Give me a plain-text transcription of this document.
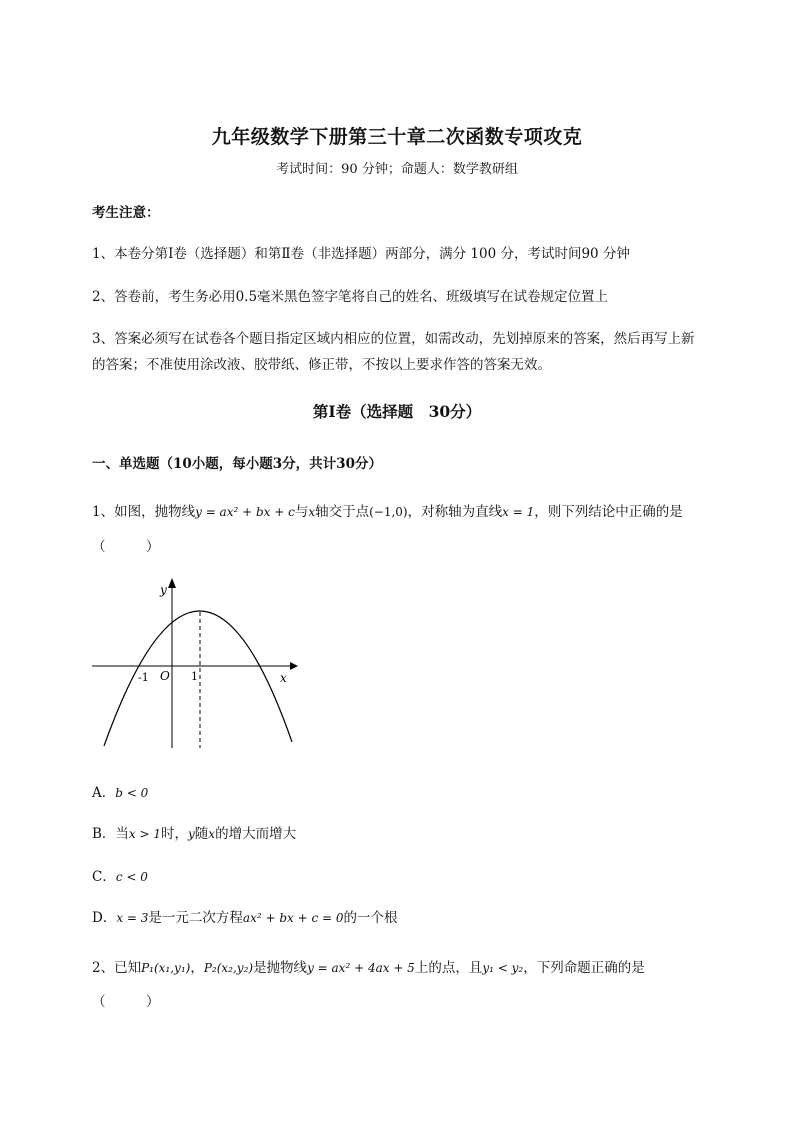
九年级数学下册第三十章二次函数专项攻克
考试时间：90 分钟；命题人：数学教研组
考生注意：
1、本卷分第Ⅰ卷（选择题）和第Ⅱ卷（非选择题）两部分，满分 100 分，考试时间90 分钟
2、答卷前，考生务必用0.5毫米黑色签字笔将自己的姓名、班级填写在试卷规定位置上
3、答案必须写在试卷各个题目指定区域内相应的位置，如需改动，先划掉原来的答案，然后再写上新
的答案；不准使用涂改液、胶带纸、修正带，不按以上要求作答的答案无效。
第Ⅰ卷（选择题　30分）
一、单选题（10小题，每小题3分，共计30分）
1、如图，抛物线y = ax² + bx + c与x轴交于点(−1,0)，对称轴为直线x = 1，则下列结论中正确的是
（　　　）
y
x
O
-1	1
A．b < 0
B．当x > 1时，y随x的增大而增大
C．c < 0
D．x = 3是一元二次方程ax² + bx + c = 0的一个根
2、已知P₁(x₁,y₁)，P₂(x₂,y₂)是抛物线y = ax² + 4ax + 5上的点，且y₁ < y₂，下列命题正确的是
（　　　）
